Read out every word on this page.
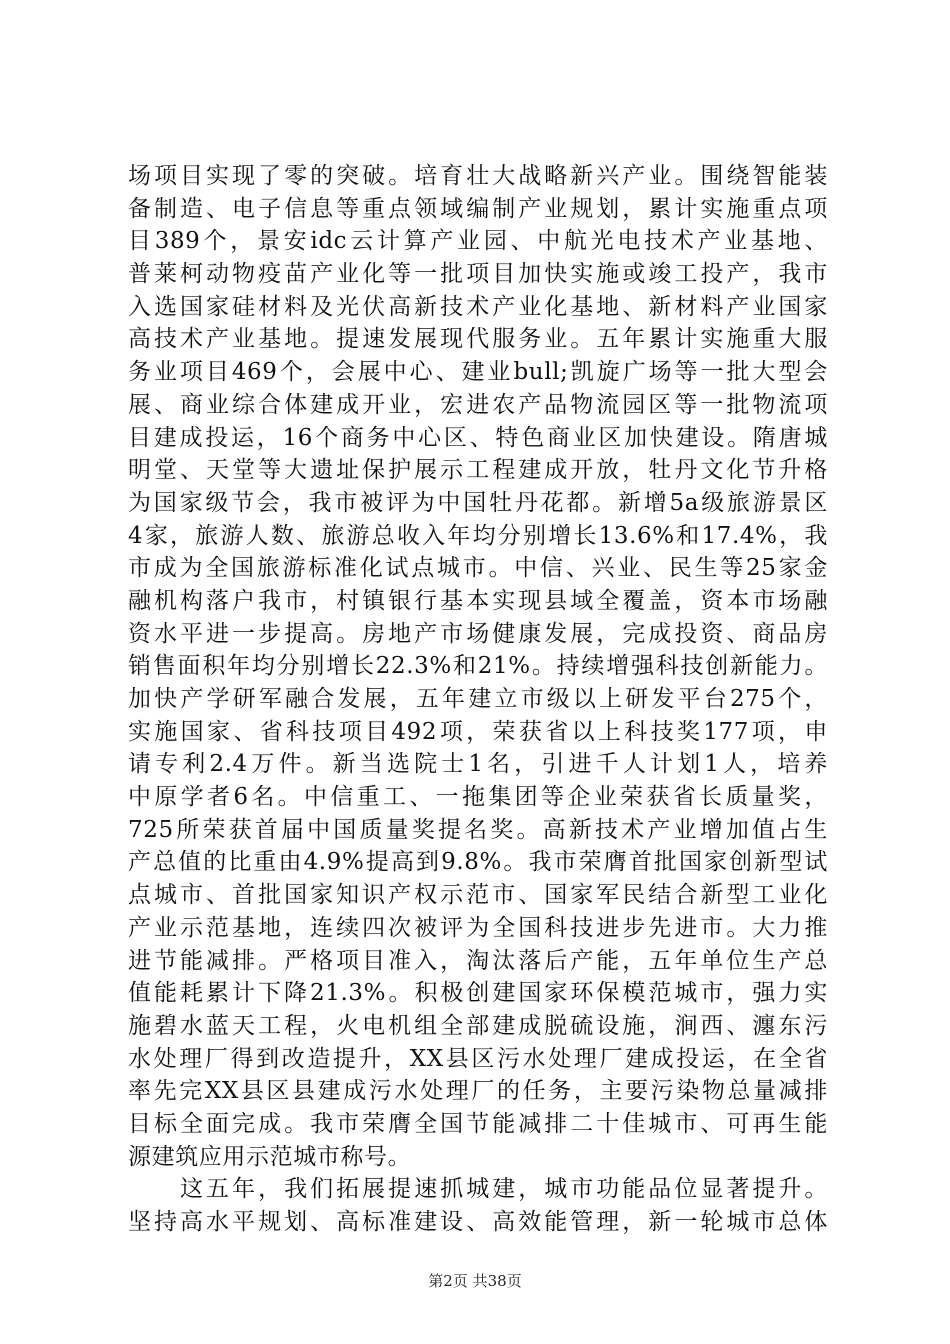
场项目实现了零的突破。培育壮大战略新兴产业。围绕智能装
备制造、电子信息等重点领域编制产业规划，累计实施重点项
目389个，景安idc云计算产业园、中航光电技术产业基地、
普莱柯动物疫苗产业化等一批项目加快实施或竣工投产，我市
入选国家硅材料及光伏高新技术产业化基地、新材料产业国家
高技术产业基地。提速发展现代服务业。五年累计实施重大服
务业项目469个，会展中心、建业bull;凯旋广场等一批大型会
展、商业综合体建成开业，宏进农产品物流园区等一批物流项
目建成投运，16个商务中心区、特色商业区加快建设。隋唐城
明堂、天堂等大遗址保护展示工程建成开放，牡丹文化节升格
为国家级节会，我市被评为中国牡丹花都。新增5a级旅游景区
4家，旅游人数、旅游总收入年均分别增长13.6%和17.4%，我
市成为全国旅游标准化试点城市。中信、兴业、民生等25家金
融机构落户我市，村镇银行基本实现县域全覆盖，资本市场融
资水平进一步提高。房地产市场健康发展，完成投资、商品房
销售面积年均分别增长22.3%和21%。持续增强科技创新能力。
加快产学研军融合发展，五年建立市级以上研发平台275个，
实施国家、省科技项目492项，荣获省以上科技奖177项，申
请专利2.4万件。新当选院士1名，引进千人计划1人，培养
中原学者6名。中信重工、一拖集团等企业荣获省长质量奖，
725所荣获首届中国质量奖提名奖。高新技术产业增加值占生
产总值的比重由4.9%提高到9.8%。我市荣膺首批国家创新型试
点城市、首批国家知识产权示范市、国家军民结合新型工业化
产业示范基地，连续四次被评为全国科技进步先进市。大力推
进节能减排。严格项目准入，淘汰落后产能，五年单位生产总
值能耗累计下降21.3%。积极创建国家环保模范城市，强力实
施碧水蓝天工程，火电机组全部建成脱硫设施，涧西、瀍东污
水处理厂得到改造提升，XX县区污水处理厂建成投运，在全省
率先完XX县区县建成污水处理厂的任务，主要污染物总量减排
目标全面完成。我市荣膺全国节能减排二十佳城市、可再生能
源建筑应用示范城市称号。
　　这五年，我们拓展提速抓城建，城市功能品位显著提升。
坚持高水平规划、高标准建设、高效能管理，新一轮城市总体
第2页 共38页
